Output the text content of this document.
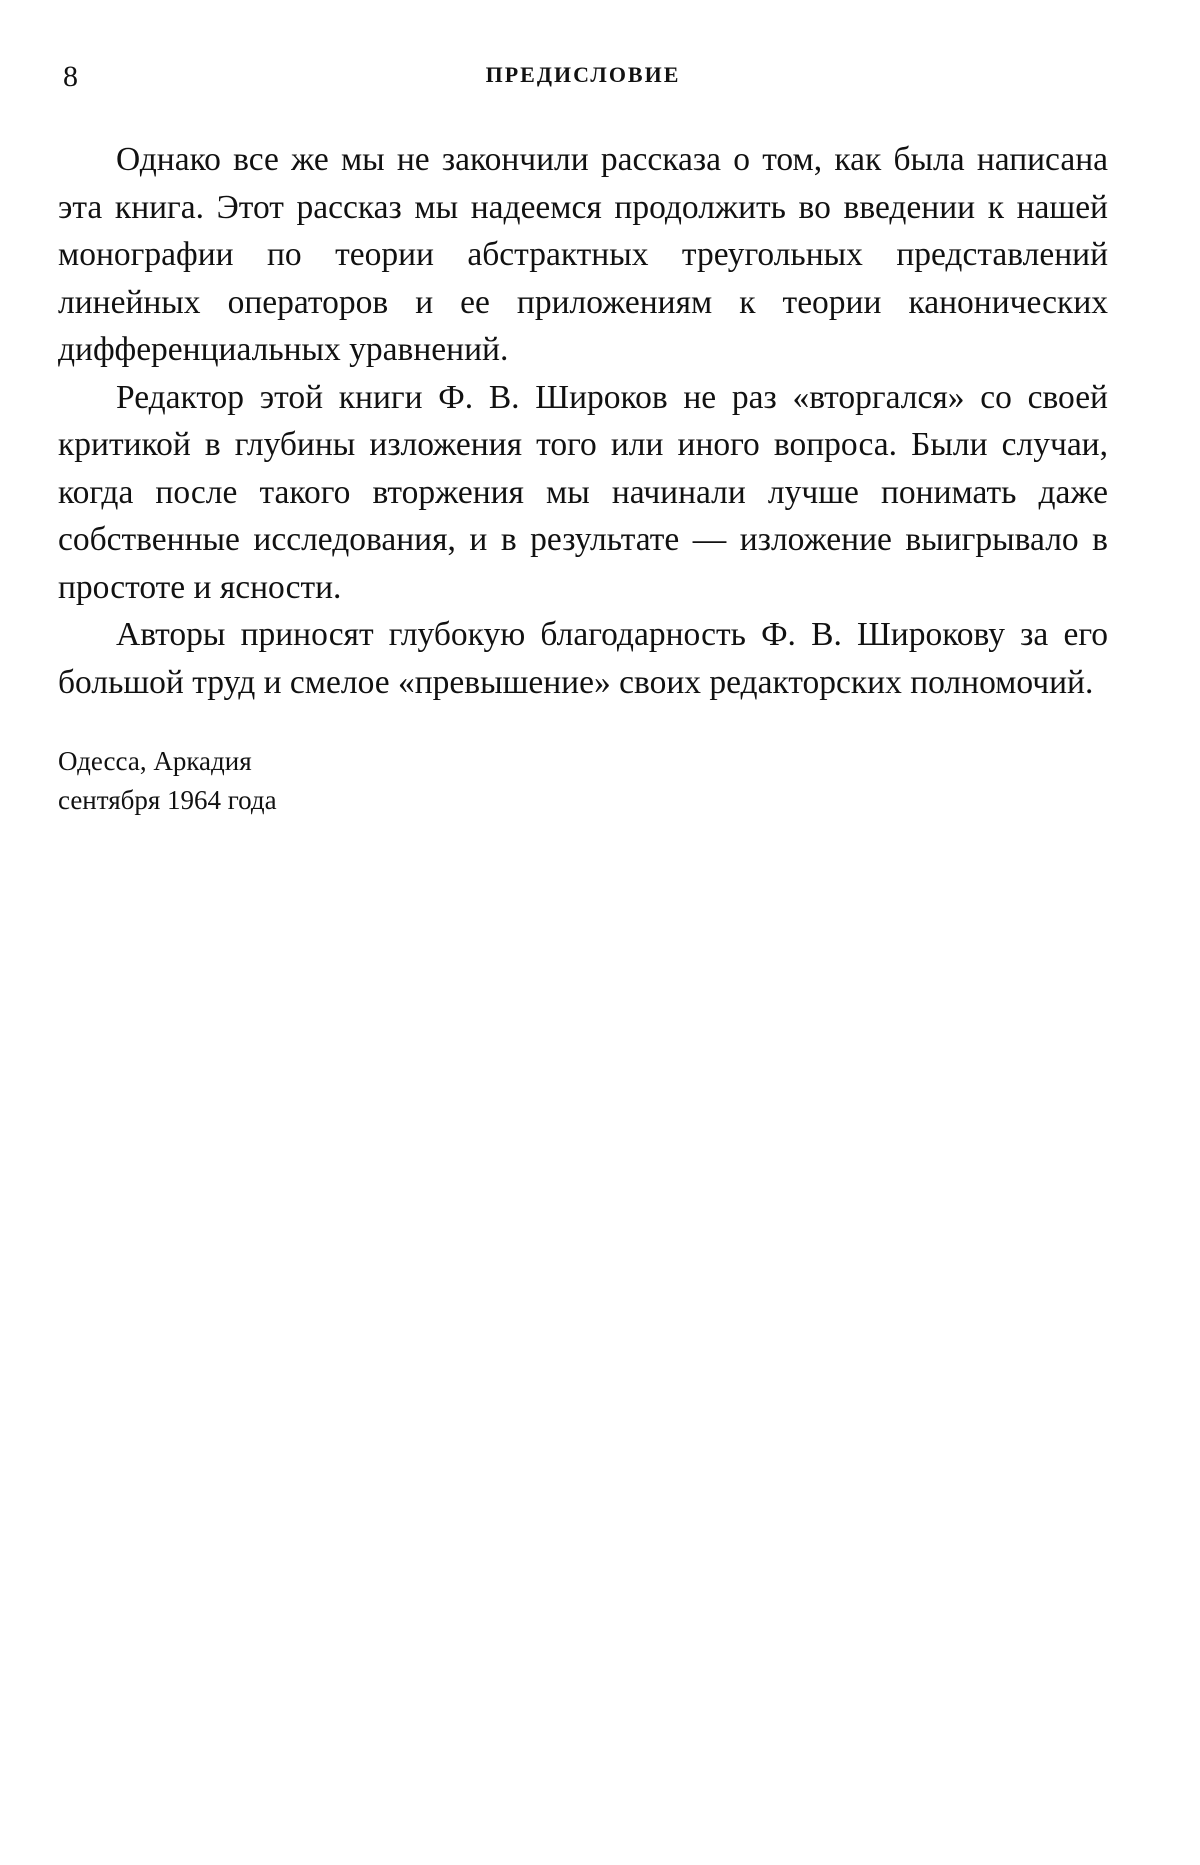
8	ПРЕДИСЛОВИЕ

Однако все же мы не закончили рассказа о том, как была написана эта книга. Этот рассказ мы надеемся продолжить во введении к нашей монографии по теории абстрактных треугольных представлений линейных операторов и ее приложениям к теории канонических дифференциальных уравнений.

Редактор этой книги Ф. В. Широков не раз «вторгался» со своей критикой в глубины изложения того или иного вопроса. Были случаи, когда после такого вторжения мы начинали лучше понимать даже собственные исследования, и в результате — изложение выигрывало в простоте и ясности.

Авторы приносят глубокую благодарность Ф. В. Широкову за его большой труд и смелое «превышение» своих редакторских полномочий.

Одесса, Аркадия
сентября 1964 года
